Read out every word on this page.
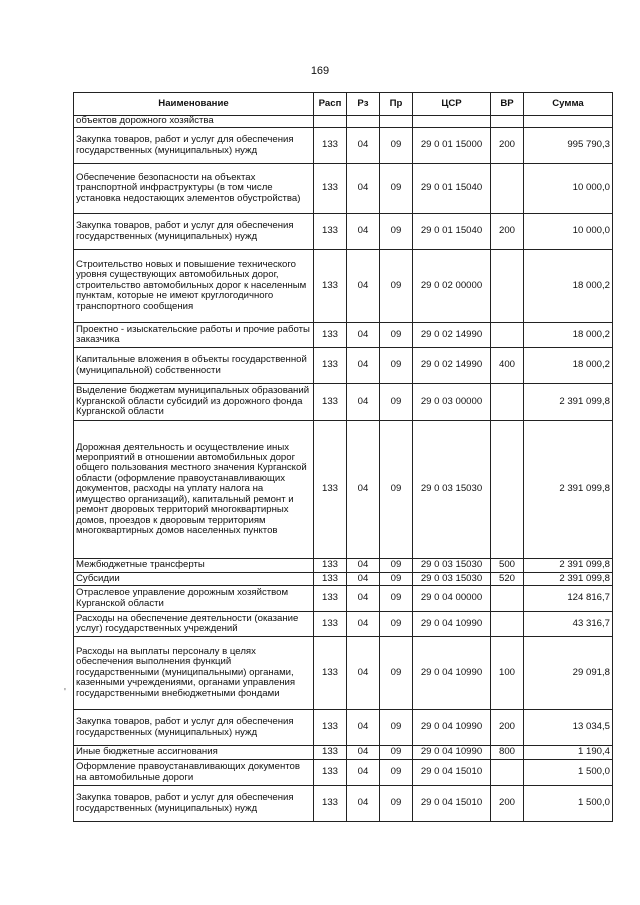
169
'
Наименование	Расп	Рз	Пр	ЦСР	ВР	Сумма
объектов дорожного хозяйства						
Закупка товаров, работ и услуг для обеспечения государственных (муниципальных) нужд	133	04	09	29 0 01 15000	200	995 790,3
Обеспечение безопасности на объектах транспортной инфраструктуры (в том числе установка недостающих элементов обустройства)	133	04	09	29 0 01 15040		10 000,0
Закупка товаров, работ и услуг для обеспечения государственных (муниципальных) нужд	133	04	09	29 0 01 15040	200	10 000,0
Строительство новых и повышение технического уровня существующих автомобильных дорог, строительство автомобильных дорог к населенным пунктам, которые не имеют круглогодичного транспортного сообщения	133	04	09	29 0 02 00000		18 000,2
Проектно - изыскательские работы и прочие работы заказчика	133	04	09	29 0 02 14990		18 000,2
Капитальные вложения в объекты государственной (муниципальной) собственности	133	04	09	29 0 02 14990	400	18 000,2
Выделение бюджетам муниципальных образований Курганской области субсидий из дорожного фонда Курганской области	133	04	09	29 0 03 00000		2 391 099,8
Дорожная деятельность и осуществление иных мероприятий в отношении автомобильных дорог общего пользования местного значения Курганской области (оформление правоустанавливающих документов, расходы на уплату налога на имущество организаций), капитальный ремонт и ремонт дворовых территорий многоквартирных домов, проездов к дворовым территориям многоквартирных домов населенных пунктов	133	04	09	29 0 03 15030		2 391 099,8
Межбюджетные трансферты	133	04	09	29 0 03 15030	500	2 391 099,8
Субсидии	133	04	09	29 0 03 15030	520	2 391 099,8
Отраслевое управление дорожным хозяйством Курганской области	133	04	09	29 0 04 00000		124 816,7
Расходы на обеспечение деятельности (оказание услуг) государственных учреждений	133	04	09	29 0 04 10990		43 316,7
Расходы на выплаты персоналу в целях обеспечения выполнения функций государственными (муниципальными) органами, казенными учреждениями, органами управления государственными внебюджетными фондами	133	04	09	29 0 04 10990	100	29 091,8
Закупка товаров, работ и услуг для обеспечения государственных (муниципальных) нужд	133	04	09	29 0 04 10990	200	13 034,5
Иные бюджетные ассигнования	133	04	09	29 0 04 10990	800	1 190,4
Оформление правоустанавливающих документов на автомобильные дороги	133	04	09	29 0 04 15010		1 500,0
Закупка товаров, работ и услуг для обеспечения государственных (муниципальных) нужд	133	04	09	29 0 04 15010	200	1 500,0
